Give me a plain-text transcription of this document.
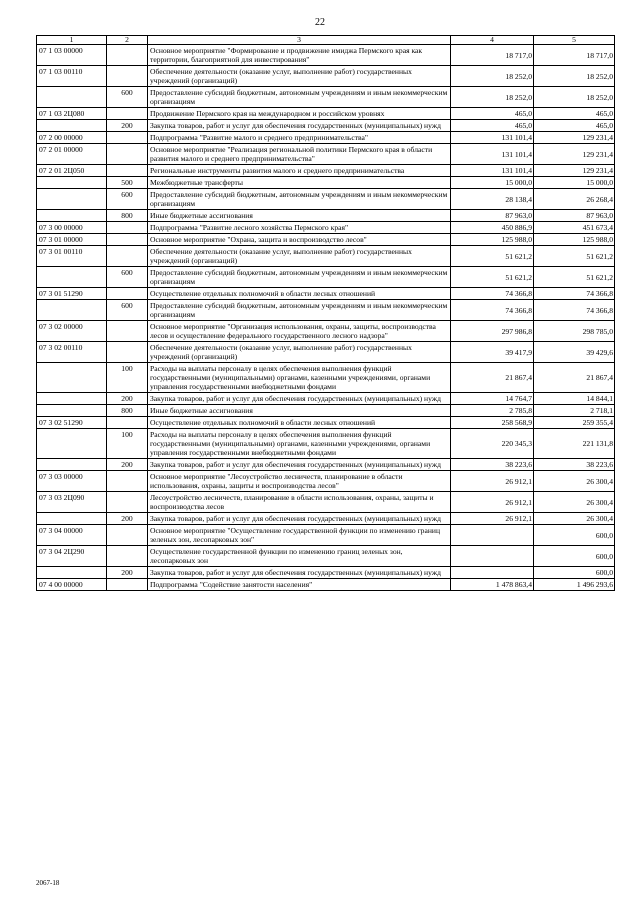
22
1	2	3	4	5
07 1 03 00000		Основное мероприятие "Формирование и продвижение имиджа Пермского края как территории, благоприятной для инвестирования"	18 717,0	18 717,0
07 1 03 00110		Обеспечение деятельности (оказание услуг, выполнение работ) государственных учреждений (организаций)	18 252,0	18 252,0
	600	Предоставление субсидий бюджетным, автономным учреждениям и иным некоммерческим организациям	18 252,0	18 252,0
07 1 03 2Ц080		Продвижение Пермского края на международном и российском уровнях	465,0	465,0
	200	Закупка товаров, работ и услуг для обеспечения государственных (муниципальных) нужд	465,0	465,0
07 2 00 00000		Подпрограмма "Развитие малого и среднего предпринимательства"	131 101,4	129 231,4
07 2 01 00000		Основное мероприятие "Реализация региональной политики Пермского края в области развития малого и среднего предпринимательства"	131 101,4	129 231,4
07 2 01 2Ц050		Региональные инструменты развития малого и среднего предпринимательства	131 101,4	129 231,4
	500	Межбюджетные трансферты	15 000,0	15 000,0
	600	Предоставление субсидий бюджетным, автономным учреждениям и иным некоммерческим организациям	28 138,4	26 268,4
	800	Иные бюджетные ассигнования	87 963,0	87 963,0
07 3 00 00000		Подпрограмма "Развитие лесного хозяйства Пермского края"	450 886,9	451 673,4
07 3 01 00000		Основное мероприятие "Охрана, защита и воспроизводство лесов"	125 988,0	125 988,0
07 3 01 00110		Обеспечение деятельности (оказание услуг, выполнение работ) государственных учреждений (организаций)	51 621,2	51 621,2
	600	Предоставление субсидий бюджетным, автономным учреждениям и иным некоммерческим организациям	51 621,2	51 621,2
07 3 01 51290		Осуществление отдельных полномочий в области лесных отношений	74 366,8	74 366,8
	600	Предоставление субсидий бюджетным, автономным учреждениям и иным некоммерческим организациям	74 366,8	74 366,8
07 3 02 00000		Основное мероприятие "Организация использования, охраны, защиты, воспроизводства лесов и осуществление федерального государственного лесного надзора"	297 986,8	298 785,0
07 3 02 00110		Обеспечение деятельности (оказание услуг, выполнение работ) государственных учреждений (организаций)	39 417,9	39 429,6
	100	Расходы на выплаты персоналу в целях обеспечения выполнения функций государственными (муниципальными) органами, казенными учреждениями, органами управления государственными внебюджетными фондами	21 867,4	21 867,4
	200	Закупка товаров, работ и услуг для обеспечения государственных (муниципальных) нужд	14 764,7	14 844,1
	800	Иные бюджетные ассигнования	2 785,8	2 718,1
07 3 02 51290		Осуществление отдельных полномочий в области лесных отношений	258 568,9	259 355,4
	100	Расходы на выплаты персоналу в целях обеспечения выполнения функций государственными (муниципальными) органами, казенными учреждениями, органами управления государственными внебюджетными фондами	220 345,3	221 131,8
	200	Закупка товаров, работ и услуг для обеспечения государственных (муниципальных) нужд	38 223,6	38 223,6
07 3 03 00000		Основное мероприятие "Лесоустройство лесничеств, планирование в области использования, охраны, защиты и воспроизводства лесов"	26 912,1	26 300,4
07 3 03 2Ц090		Лесоустройство лесничеств, планирование в области использования, охраны, защиты и воспроизводства лесов	26 912,1	26 300,4
	200	Закупка товаров, работ и услуг для обеспечения государственных (муниципальных) нужд	26 912,1	26 300,4
07 3 04 00000		Основное мероприятие "Осуществление государственной функции по изменению границ зеленых зон, лесопарковых зон"		600,0
07 3 04 2Ц290		Осуществление государственной функции по изменению границ зеленых зон, лесопарковых зон		600,0
	200	Закупка товаров, работ и услуг для обеспечения государственных (муниципальных) нужд		600,0
07 4 00 00000		Подпрограмма "Содействие занятости населения"	1 478 863,4	1 496 293,6
2067-18
